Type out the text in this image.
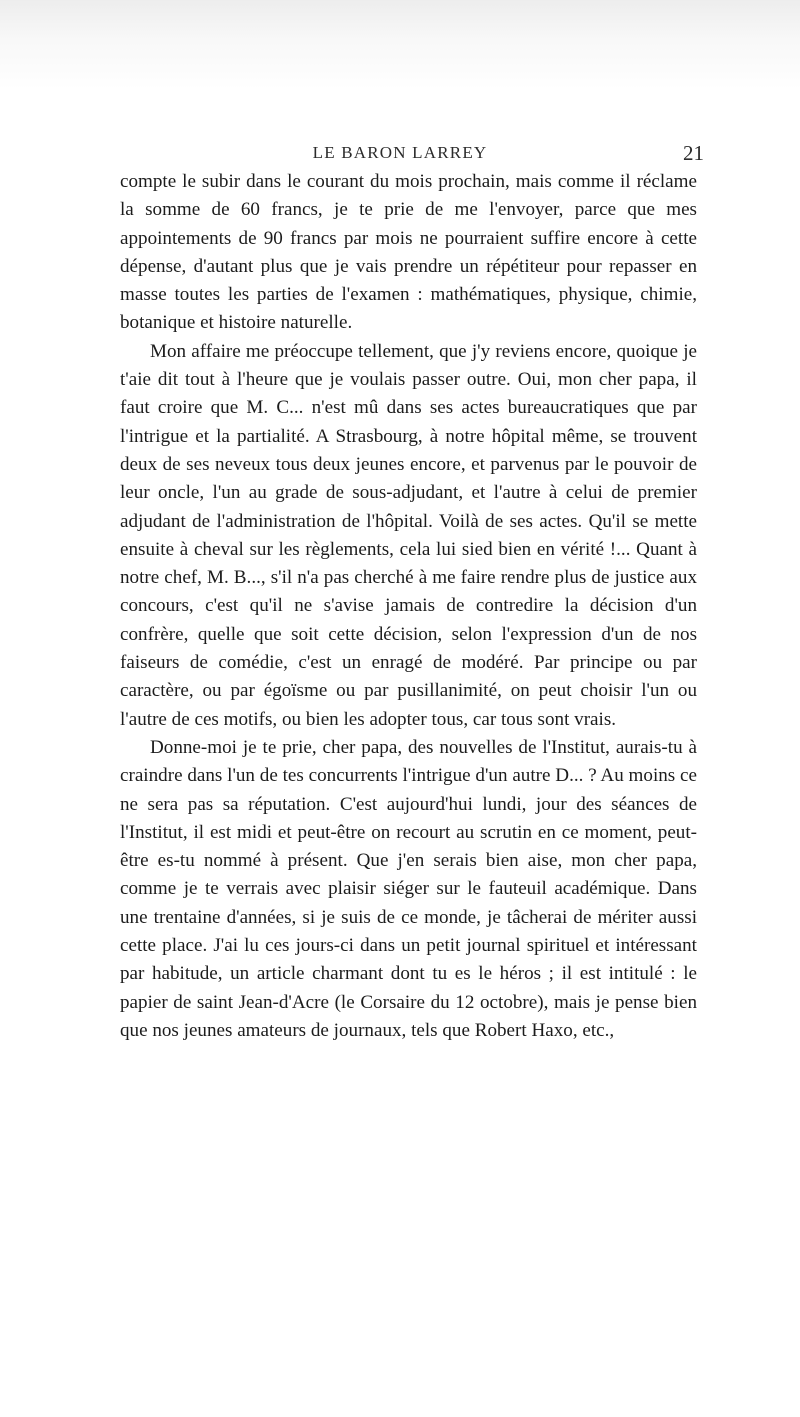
LE BARON LARREY	21

compte le subir dans le courant du mois prochain, mais comme il réclame la somme de 60 francs, je te prie de me l'envoyer, parce que mes appointements de 90 francs par mois ne pourraient suffire encore à cette dépense, d'autant plus que je vais prendre un répétiteur pour repasser en masse toutes les parties de l'examen : mathématiques, physique, chimie, botanique et histoire naturelle.

Mon affaire me préoccupe tellement, que j'y reviens encore, quoique je t'aie dit tout à l'heure que je voulais passer outre. Oui, mon cher papa, il faut croire que M. C... n'est mû dans ses actes bureaucratiques que par l'intrigue et la partialité. A Strasbourg, à notre hôpital même, se trouvent deux de ses neveux tous deux jeunes encore, et parvenus par le pouvoir de leur oncle, l'un au grade de sous-adjudant, et l'autre à celui de premier adjudant de l'administration de l'hôpital. Voilà de ses actes. Qu'il se mette ensuite à cheval sur les règlements, cela lui sied bien en vérité !... Quant à notre chef, M. B..., s'il n'a pas cherché à me faire rendre plus de justice aux concours, c'est qu'il ne s'avise jamais de contredire la décision d'un confrère, quelle que soit cette décision, selon l'expression d'un de nos faiseurs de comédie, c'est un enragé de modéré. Par principe ou par caractère, ou par égoïsme ou par pusillanimité, on peut choisir l'un ou l'autre de ces motifs, ou bien les adopter tous, car tous sont vrais.

Donne-moi je te prie, cher papa, des nouvelles de l'Institut, aurais-tu à craindre dans l'un de tes concurrents l'intrigue d'un autre D... ? Au moins ce ne sera pas sa réputation. C'est aujourd'hui lundi, jour des séances de l'Institut, il est midi et peut-être on recourt au scrutin en ce moment, peut-être es-tu nommé à présent. Que j'en serais bien aise, mon cher papa, comme je te verrais avec plaisir siéger sur le fauteuil académique. Dans une trentaine d'années, si je suis de ce monde, je tâcherai de mériter aussi cette place. J'ai lu ces jours-ci dans un petit journal spirituel et intéressant par habitude, un article charmant dont tu es le héros ; il est intitulé : le papier de saint Jean-d'Acre (le Corsaire du 12 octobre), mais je pense bien que nos jeunes amateurs de journaux, tels que Robert Haxo, etc.,
